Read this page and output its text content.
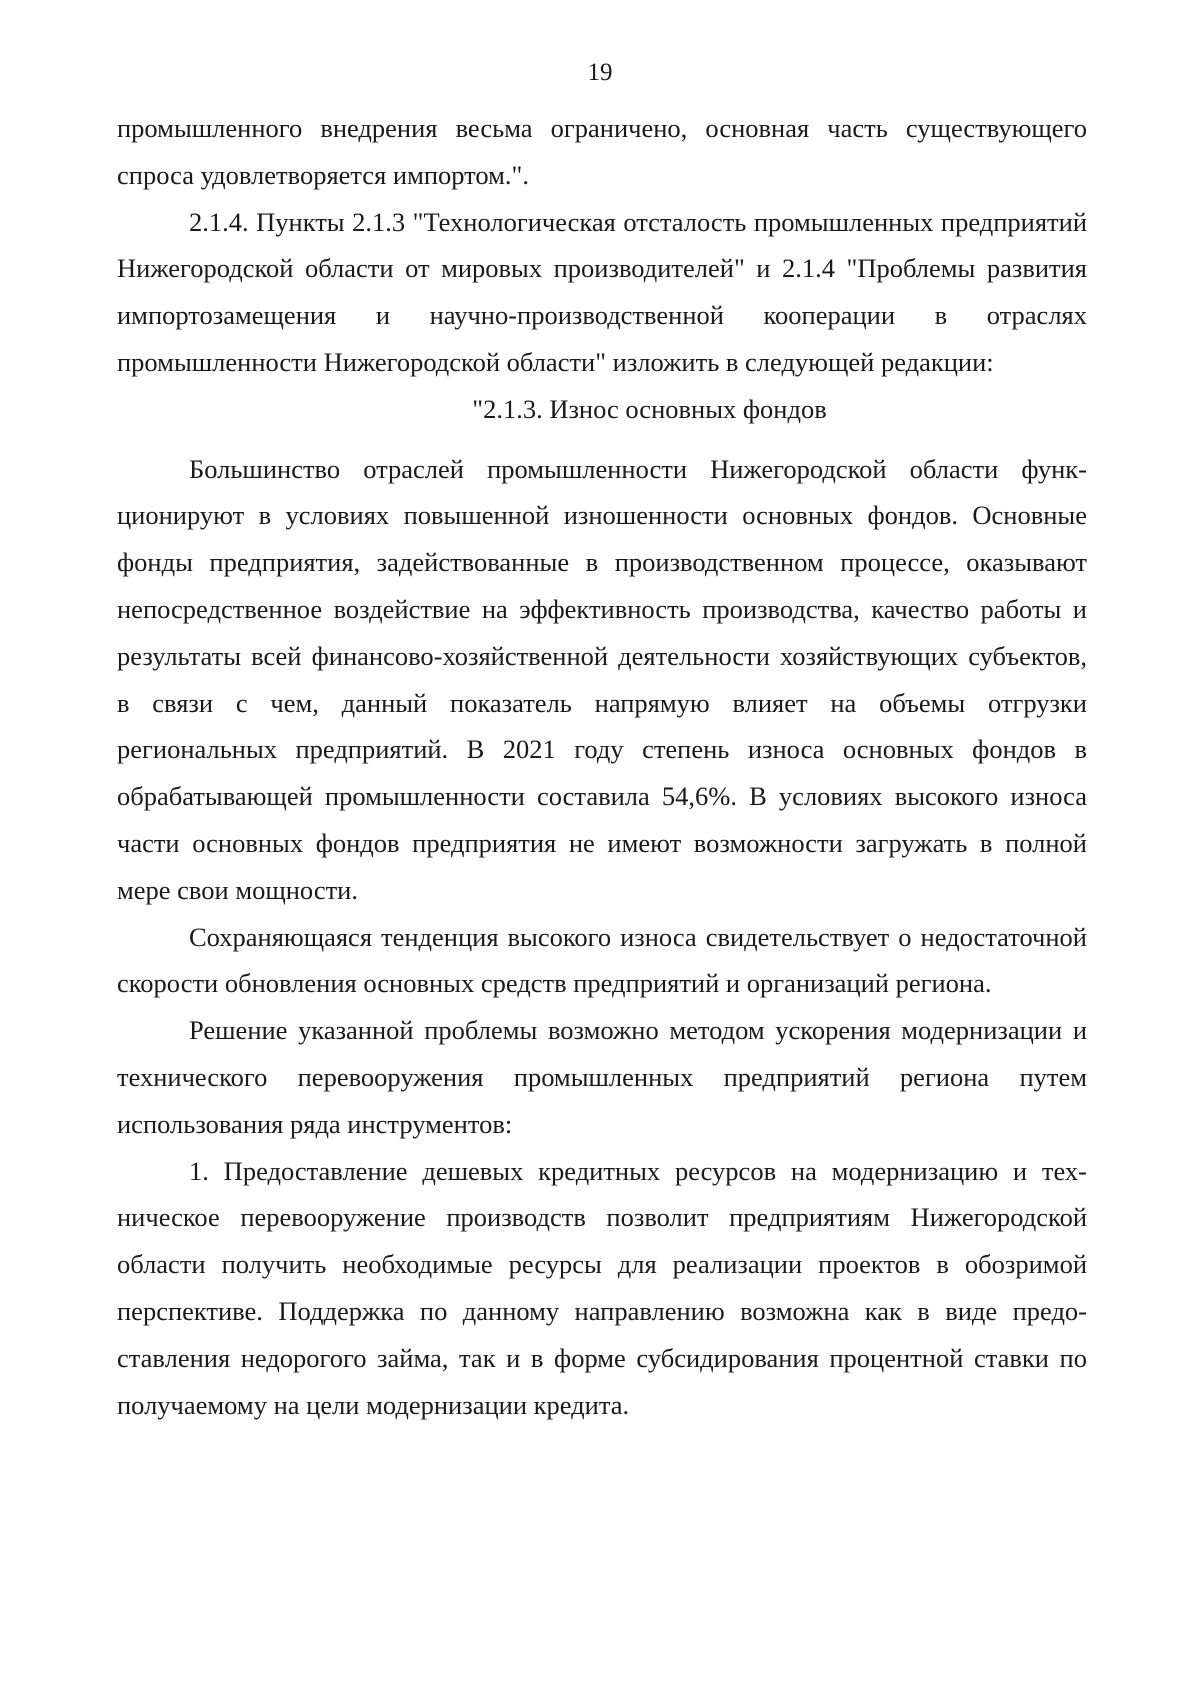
19

промышленного внедрения весьма ограничено, основная часть существующего спроса удовлетворяется импортом.".

2.1.4. Пункты 2.1.3 "Технологическая отсталость промышленных предприятий Нижегородской области от мировых производителей" и 2.1.4 "Проблемы развития импортозамещения и научно-производственной кооперации в отраслях промышленности Нижегородской области" изложить в следующей редакции:

"2.1.3. Износ основных фондов

Большинство отраслей промышленности Нижегородской области функционируют в условиях повышенной изношенности основных фондов. Основные фонды предприятия, задействованные в производственном процессе, оказывают непосредственное воздействие на эффективность производства, качество работы и результаты всей финансово-хозяйственной деятельности хозяйствующих субъектов, в связи с чем, данный показатель напрямую влияет на объемы отгрузки региональных предприятий. В 2021 году степень износа основных фондов в обрабатывающей промышленности составила 54,6%. В условиях высокого износа части основных фондов предприятия не имеют возможности загружать в полной мере свои мощности.

Сохраняющаяся тенденция высокого износа свидетельствует о недостаточной скорости обновления основных средств предприятий и организаций региона.

Решение указанной проблемы возможно методом ускорения модернизации и технического перевооружения промышленных предприятий региона путем использования ряда инструментов:

1. Предоставление дешевых кредитных ресурсов на модернизацию и техническое перевооружение производств позволит предприятиям Нижегородской области получить необходимые ресурсы для реализации проектов в обозримой перспективе. Поддержка по данному направлению возможна как в виде предоставления недорогого займа, так и в форме субсидирования процентной ставки по получаемому на цели модернизации кредита.
